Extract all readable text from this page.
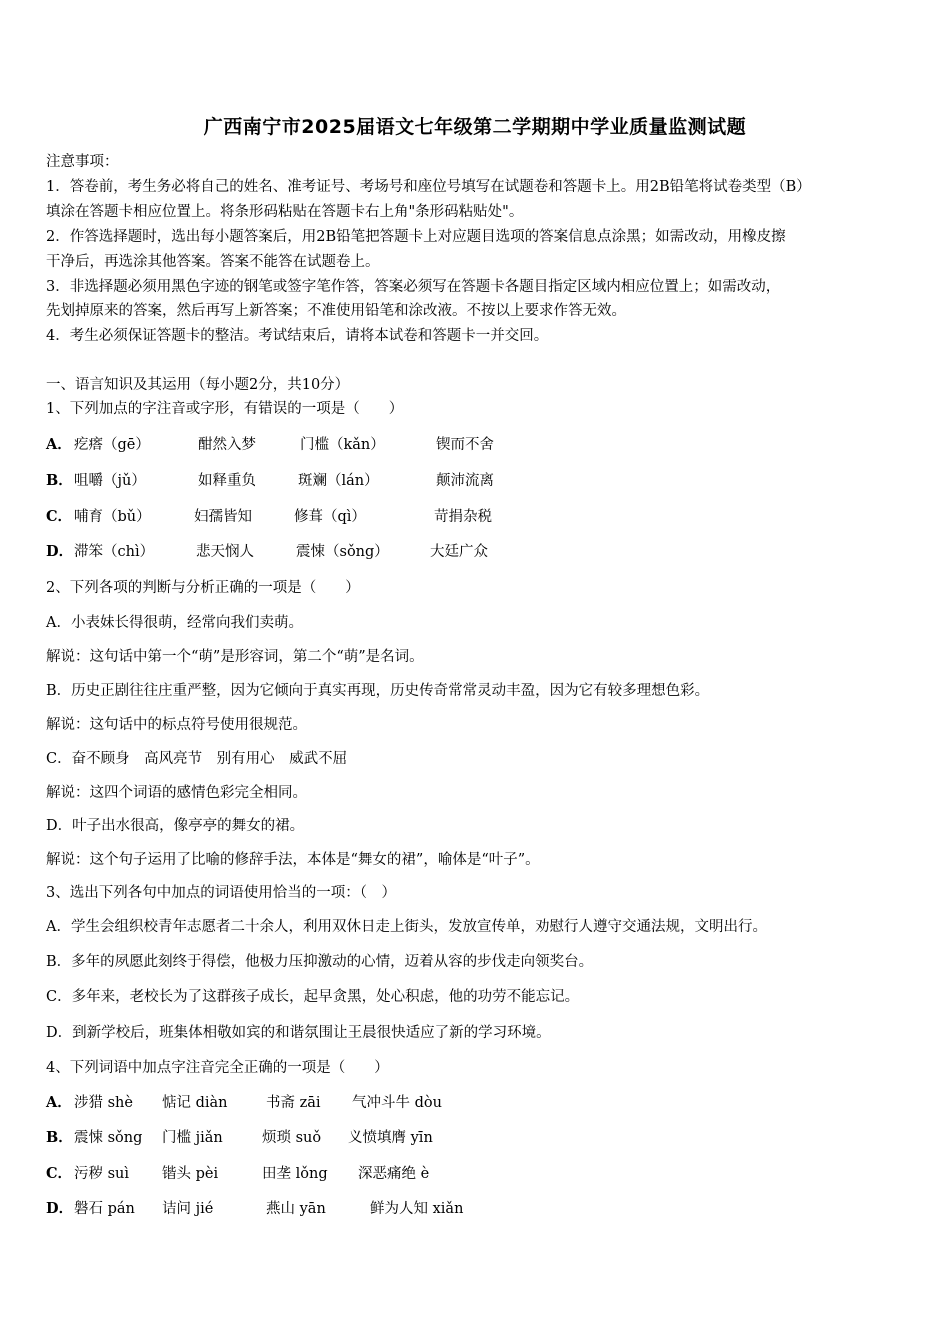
广西南宁市2025届语文七年级第二学期期中学业质量监测试题
注意事项：
1．答卷前，考生务必将自己的姓名、准考证号、考场号和座位号填写在试题卷和答题卡上。用2B铅笔将试卷类型（B）
填涂在答题卡相应位置上。将条形码粘贴在答题卡右上角"条形码粘贴处"。
2．作答选择题时，选出每小题答案后，用2B铅笔把答题卡上对应题目选项的答案信息点涂黑；如需改动，用橡皮擦
干净后，再选涂其他答案。答案不能答在试题卷上。
3．非选择题必须用黑色字迹的钢笔或签字笔作答，答案必须写在答题卡各题目指定区域内相应位置上；如需改动，
先划掉原来的答案，然后再写上新答案；不准使用铅笔和涂改液。不按以上要求作答无效。
4．考生必须保证答题卡的整洁。考试结束后，请将本试卷和答题卡一并交回。
一、语言知识及其运用（每小题2分，共10分）
1、下列加点的字注音或字形，有错误的一项是（　　）
A． 疙瘩（gē）	酣然入梦	门槛（kǎn）	锲而不舍
B． 咀嚼（jǔ）	如释重负	斑斓（lán）	颠沛流离
C． 哺育（bǔ）	妇孺皆知	修葺（qì）	苛捐杂税
D． 滞笨（chì）	悲天悯人	震悚（sǒng）	大廷广众
2、下列各项的判断与分析正确的一项是（　　）
A．小表妹长得很萌，经常向我们卖萌。
解说：这句话中第一个“萌”是形容词，第二个“萌”是名词。
B．历史正剧往往庄重严整，因为它倾向于真实再现，历史传奇常常灵动丰盈，因为它有较多理想色彩。
解说：这句话中的标点符号使用很规范。
C．奋不顾身　高风亮节　别有用心　威武不屈
解说：这四个词语的感情色彩完全相同。
D．叶子出水很高，像亭亭的舞女的裙。
解说：这个句子运用了比喻的修辞手法，本体是“舞女的裙”，喻体是“叶子”。
3、选出下列各句中加点的词语使用恰当的一项：（　）
A．学生会组织校青年志愿者二十余人，利用双休日走上街头，发放宣传单，劝慰行人遵守交通法规，文明出行。
B．多年的夙愿此刻终于得偿，他极力压抑激动的心情，迈着从容的步伐走向领奖台。
C．多年来，老校长为了这群孩子成长，起早贪黑，处心积虑，他的功劳不能忘记。
D．到新学校后，班集体相敬如宾的和谐氛围让王晨很快适应了新的学习环境。
4、下列词语中加点字注音完全正确的一项是（　　）
A． 涉猎 shè 惦记 diàn	书斋 zāi 气冲斗牛 dòu
B． 震悚 sǒng 门槛 jiǎn	烦琐 suǒ 义愤填膺 yīn
C． 污秽 suì 锴头 pèi	田垄 lǒng 深恶痛绝 è
D． 磐石 pán 诘问 jié	燕山 yān	鲜为人知 xiǎn
